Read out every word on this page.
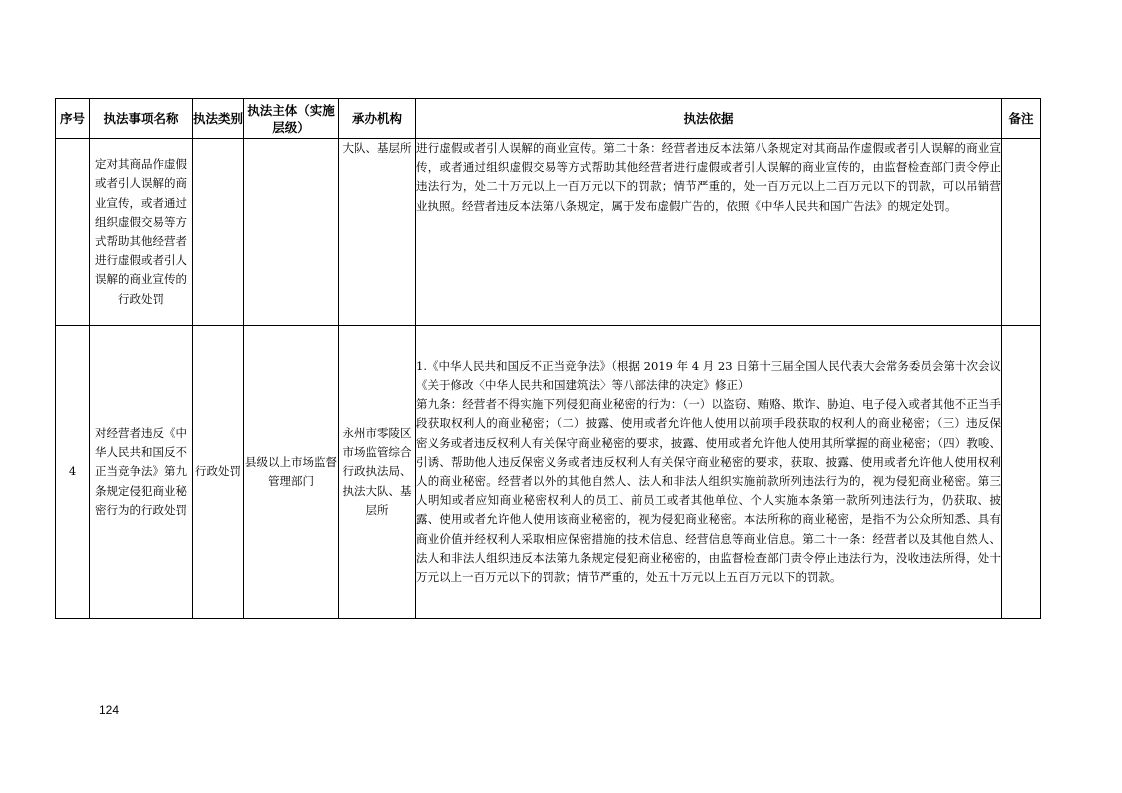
序号	执法事项名称	执法类别	执法主体（实施层级）	承办机构	执法依据	备注
	定对其商品作虚假或者引人误解的商业宣传，或者通过组织虚假交易等方式帮助其他经营者进行虚假或者引人误解的商业宣传的行政处罚			大队、基层所	进行虚假或者引人误解的商业宣传。第二十条：经营者违反本法第八条规定对其商品作虚假或者引人误解的商业宣传，或者通过组织虚假交易等方式帮助其他经营者进行虚假或者引人误解的商业宣传的，由监督检查部门责令停止违法行为，处二十万元以上一百万元以下的罚款；情节严重的，处一百万元以上二百万元以下的罚款，可以吊销营业执照。经营者违反本法第八条规定，属于发布虚假广告的，依照《中华人民共和国广告法》的规定处罚。	

4	对经营者违反《中华人民共和国反不正当竞争法》第九条规定侵犯商业秘密行为的行政处罚	行政处罚	县级以上市场监督管理部门	永州市零陵区市场监管综合行政执法局、执法大队、基层所	1.《中华人民共和国反不正当竞争法》（根据 2019 年 4 月 23 日第十三届全国人民代表大会常务委员会第十次会议《关于修改〈中华人民共和国建筑法〉等八部法律的决定》修正）
第九条：经营者不得实施下列侵犯商业秘密的行为：（一）以盗窃、贿赂、欺诈、胁迫、电子侵入或者其他不正当手段获取权利人的商业秘密；（二）披露、使用或者允许他人使用以前项手段获取的权利人的商业秘密；（三）违反保密义务或者违反权利人有关保守商业秘密的要求，披露、使用或者允许他人使用其所掌握的商业秘密；（四）教唆、引诱、帮助他人违反保密义务或者违反权利人有关保守商业秘密的要求，获取、披露、使用或者允许他人使用权利人的商业秘密。经营者以外的其他自然人、法人和非法人组织实施前款所列违法行为的，视为侵犯商业秘密。第三人明知或者应知商业秘密权利人的员工、前员工或者其他单位、个人实施本条第一款所列违法行为，仍获取、披露、使用或者允许他人使用该商业秘密的，视为侵犯商业秘密。本法所称的商业秘密，是指不为公众所知悉、具有商业价值并经权利人采取相应保密措施的技术信息、经营信息等商业信息。第二十一条：经营者以及其他自然人、法人和非法人组织违反本法第九条规定侵犯商业秘密的，由监督检查部门责令停止违法行为，没收违法所得，处十万元以上一百万元以下的罚款；情节严重的，处五十万元以上五百万元以下的罚款。	

124
